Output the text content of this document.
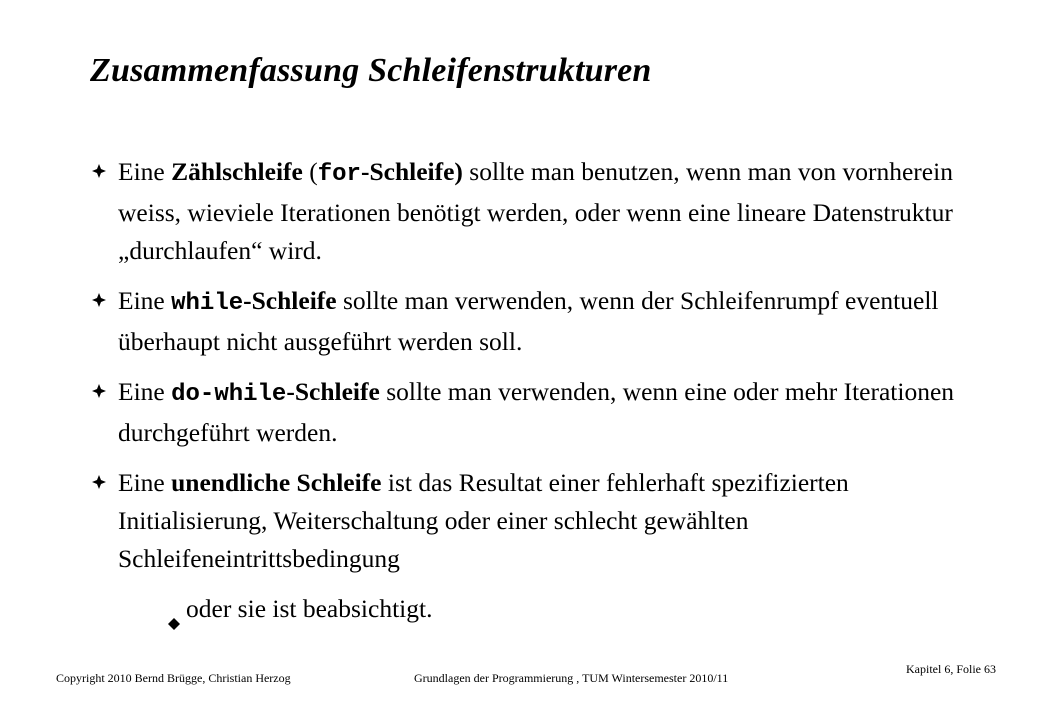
Zusammenfassung Schleifenstrukturen

Eine Zählschleife (for-Schleife) sollte man benutzen, wenn man von vornherein weiss, wieviele Iterationen benötigt werden, oder wenn eine lineare Datenstruktur „durchlaufen“ wird.

Eine while-Schleife sollte man verwenden, wenn der Schleifenrumpf eventuell überhaupt nicht ausgeführt werden soll.

Eine do-while-Schleife sollte man verwenden, wenn eine oder mehr Iterationen durchgeführt werden.

Eine unendliche Schleife ist das Resultat einer fehlerhaft spezifizierten Initialisierung, Weiterschaltung oder einer schlecht gewählten Schleifeneintrittsbedingung

oder sie ist beabsichtigt.

Copyright 2010 Bernd Brügge, Christian Herzog	Grundlagen der Programmierung , TUM Wintersemester 2010/11
Kapitel 6, Folie 63
